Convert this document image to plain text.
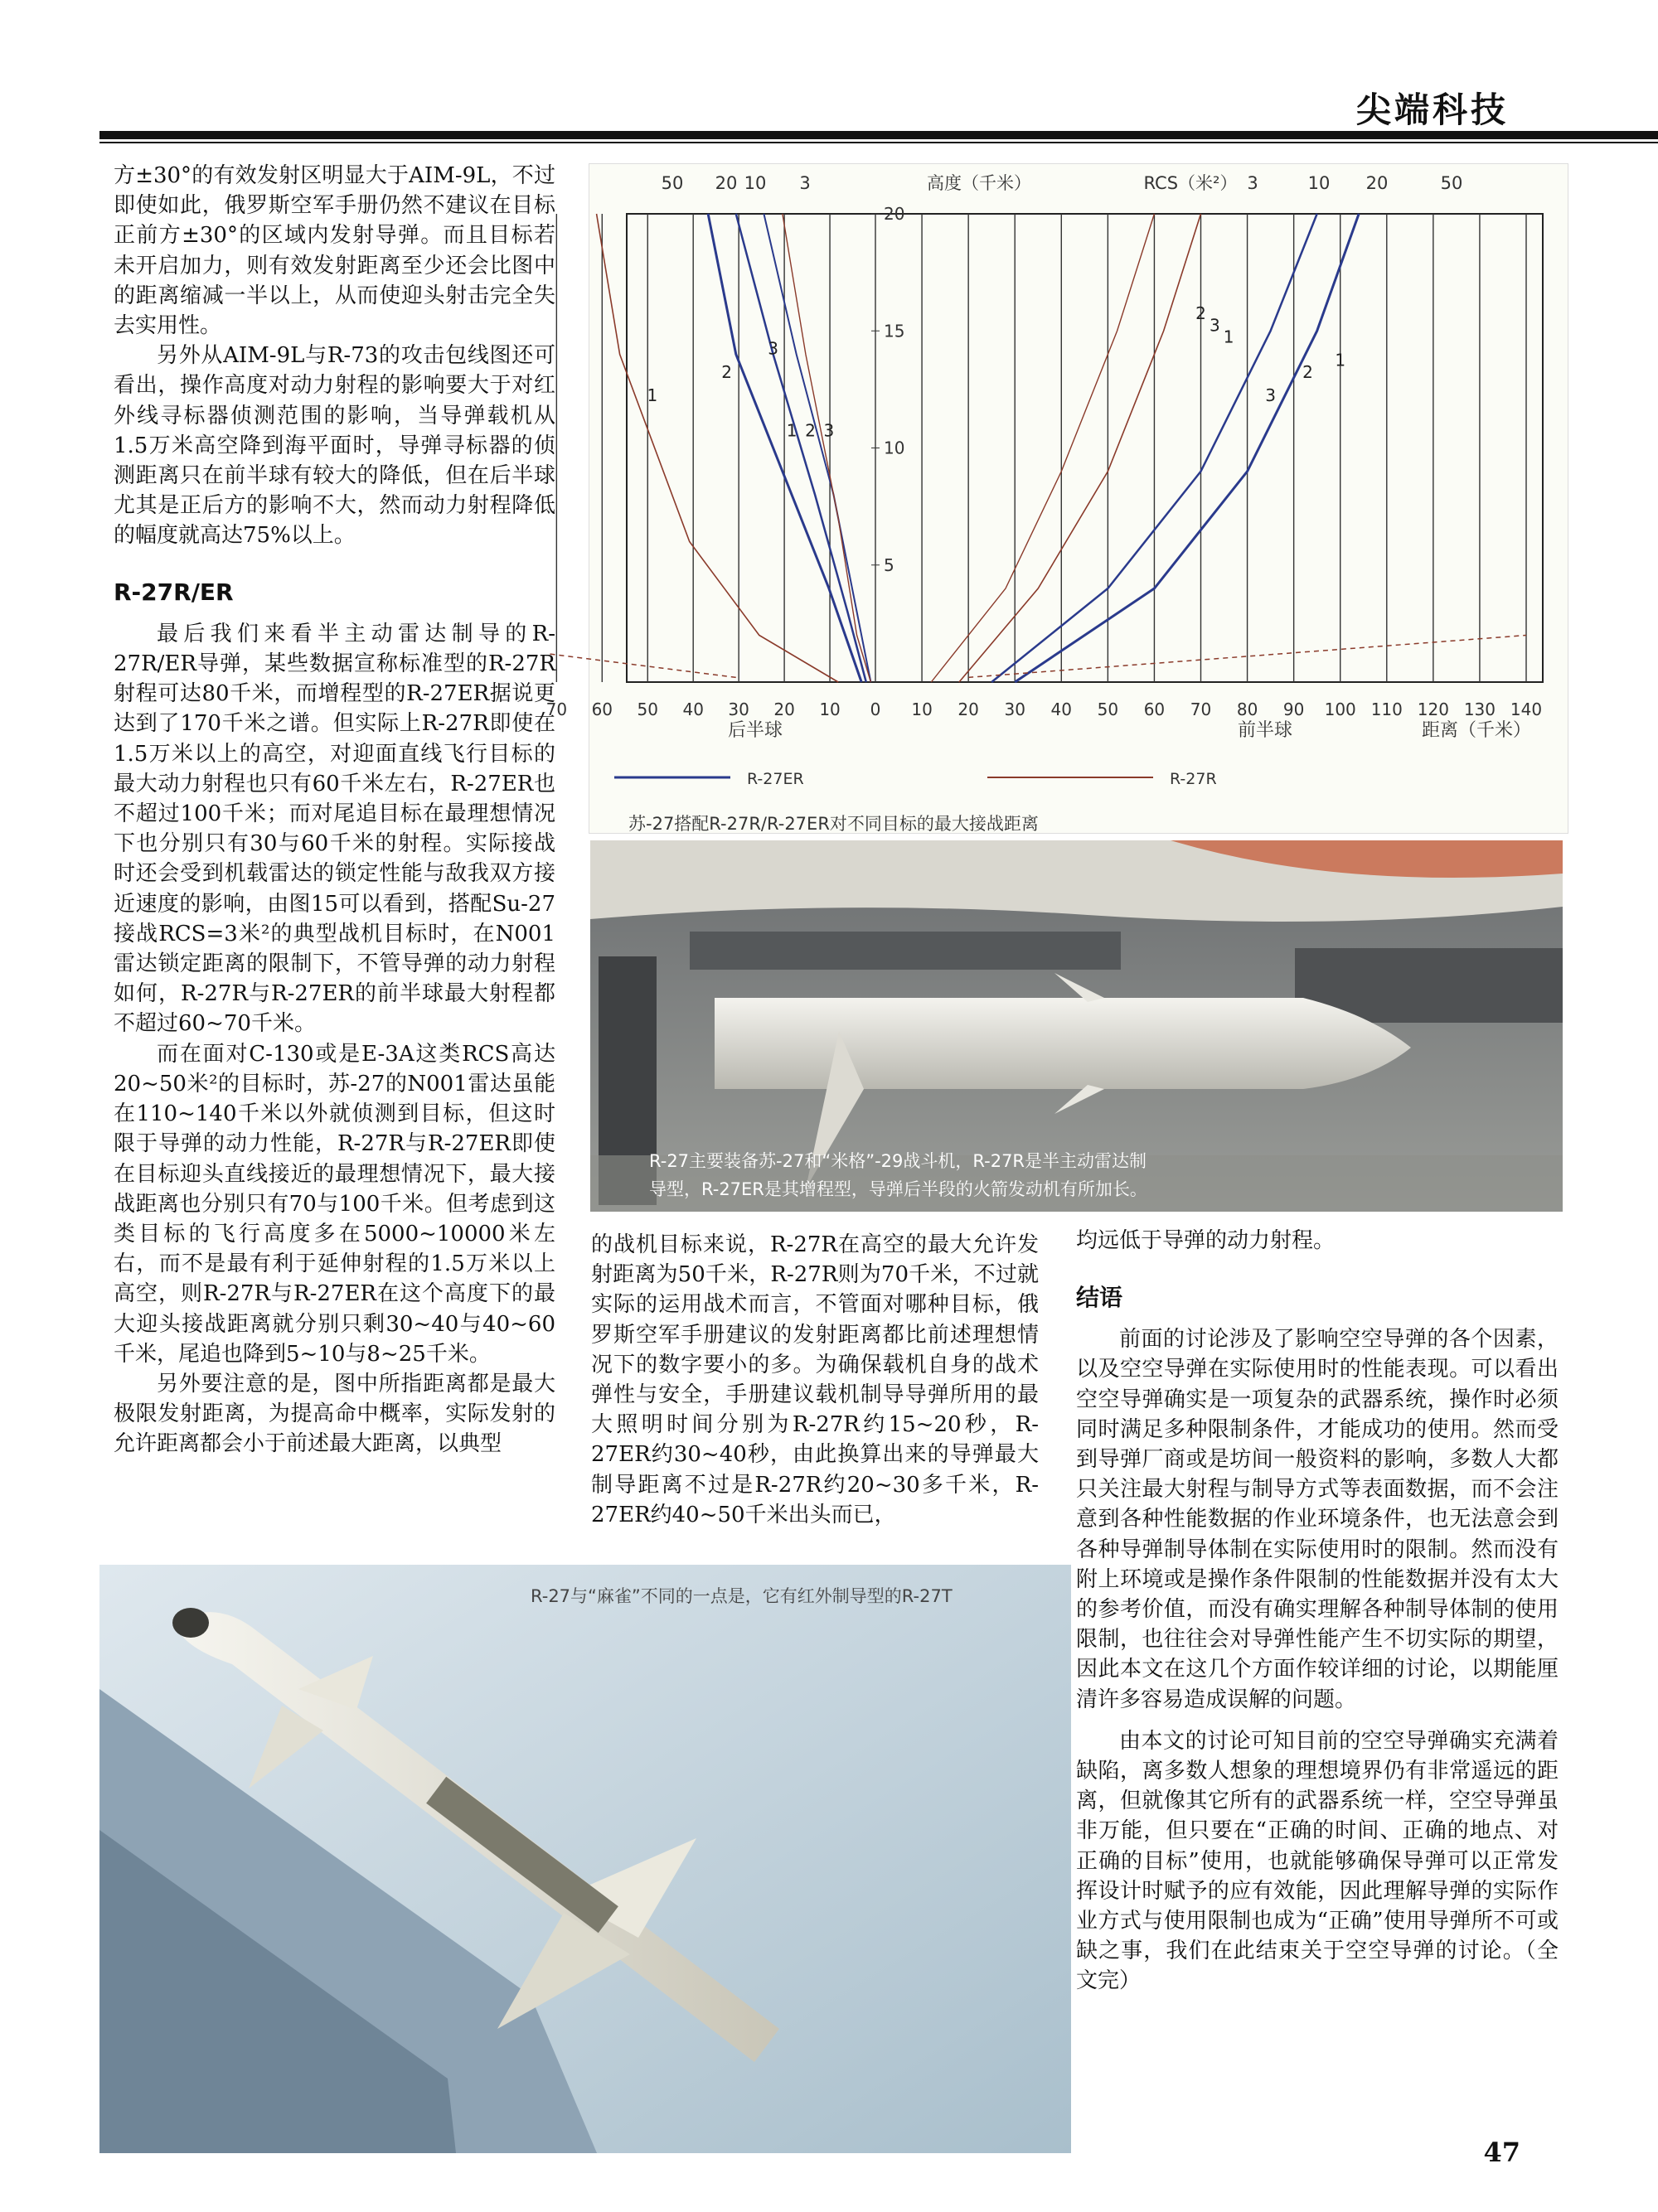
尖端科技

方±30°的有效发射区明显大于AIM-9L，不过即使如此，俄罗斯空军手册仍然不建议在目标正前方±30°的区域内发射导弹。而且目标若未开启加力，则有效发射距离至少还会比图中的距离缩减一半以上，从而使迎头射击完全失去实用性。

另外从AIM-9L与R-73的攻击包线图还可看出，操作高度对动力射程的影响要大于对红外线寻标器侦测范围的影响，当导弹载机从1.5万米高空降到海平面时，导弹寻标器的侦测距离只在前半球有较大的降低，但在后半球尤其是正后方的影响不大，然而动力射程降低的幅度就高达75%以上。

R-27R/ER

最后我们来看半主动雷达制导的R-27R/ER导弹，某些数据宣称标准型的R-27R射程可达80千米，而增程型的R-27ER据说更达到了170千米之谱。但实际上R-27R即使在1.5万米以上的高空，对迎面直线飞行目标的最大动力射程也只有60千米左右，R-27ER也不超过100千米；而对尾追目标在最理想情况下也分别只有30与60千米的射程。实际接战时还会受到机载雷达的锁定性能与敌我双方接近速度的影响，由图15可以看到，搭配Su-27接战RCS=3米²的典型战机目标时，在N001雷达锁定距离的限制下，不管导弹的动力射程如何，R-27R与R-27ER的前半球最大射程都不超过60~70千米。

而在面对C-130或是E-3A这类RCS高达20~50米²的目标时，苏-27的N001雷达虽能在110~140千米以外就侦测到目标，但这时限于导弹的动力性能，R-27R与R-27ER即使在目标迎头直线接近的最理想情况下，最大接战距离也分别只有70与100千米。但考虑到这类目标的飞行高度多在5000~10000米左右，而不是最有利于延伸射程的1.5万米以上高空，则R-27R与R-27ER在这个高度下的最大迎头接战距离就分别只剩30~40与40~60千米，尾追也降到5~10与8~25千米。

另外要注意的是，图中所指距离都是最大极限发射距离，为提高命中概率，实际发射的允许距离都会小于前述最大距离，以典型

70 60 50 40 30 20 10 0 10 20 30 40 50 60 70 80 90 100 110 120 130 140
20
15
10
5
高度（千米）	RCS（米²）
50 20 10 3	3	10 20	50
后半球	前半球	距离（千米）
1
2
3
1 2 3
2
3
1
3
2
1
R-27ER	R-27R
苏-27搭配R-27R/R-27ER对不同目标的最大接战距离
R-27主要装备苏-27和“米格”-29战斗机，R-27R是半主动雷达制
导型，R-27ER是其增程型，导弹后半段的火箭发动机有所加长。

的战机目标来说，R-27R在高空的最大允许发射距离为50千米，R-27R则为70千米，不过就实际的运用战术而言，不管面对哪种目标，俄罗斯空军手册建议的发射距离都比前述理想情况下的数字要小的多。为确保载机自身的战术弹性与安全，手册建议载机制导导弹所用的最大照明时间分别为R-27R约15~20秒，R-27ER约30~40秒，由此换算出来的导弹最大制导距离不过是R-27R约20~30多千米，R-27ER约40~50千米出头而已，

均远低于导弹的动力射程。
结语

前面的讨论涉及了影响空空导弹的各个因素，以及空空导弹在实际使用时的性能表现。可以看出空空导弹确实是一项复杂的武器系统，操作时必须同时满足多种限制条件，才能成功的使用。然而受到导弹厂商或是坊间一般资料的影响，多数人大都只关注最大射程与制导方式等表面数据，而不会注意到各种性能数据的作业环境条件，也无法意会到各种导弹制导体制在实际使用时的限制。然而没有附上环境或是操作条件限制的性能数据并没有太大的参考价值，而没有确实理解各种制导体制的使用限制，也往往会对导弹性能产生不切实际的期望，因此本文在这几个方面作较详细的讨论，以期能厘清许多容易造成误解的问题。

由本文的讨论可知目前的空空导弹确实充满着缺陷，离多数人想象的理想境界仍有非常遥远的距离，但就像其它所有的武器系统一样，空空导弹虽非万能，但只要在“正确的时间、正确的地点、对正确的目标”使用，也就能够确保导弹可以正常发挥设计时赋予的应有效能，因此理解导弹的实际作业方式与使用限制也成为“正确”使用导弹所不可或缺之事，我们在此结束关于空空导弹的讨论。（全文完）

R-27与“麻雀”不同的一点是，它有红外制导型的R-27T
47
